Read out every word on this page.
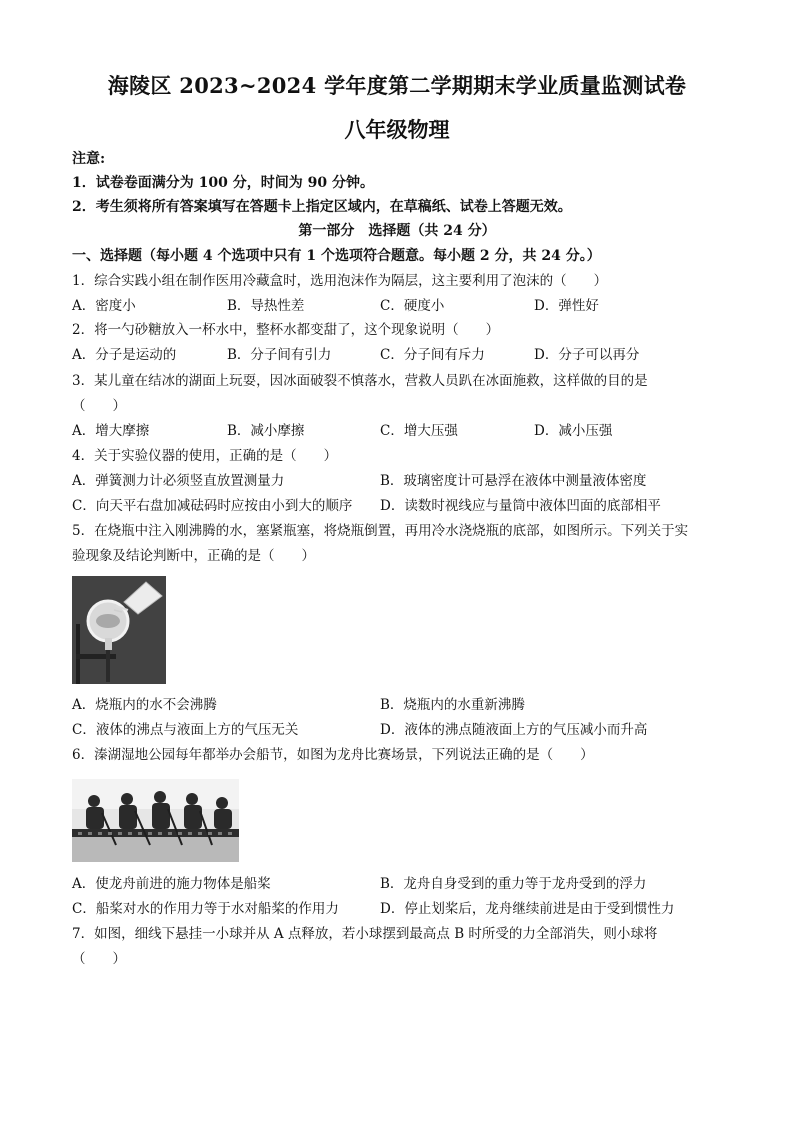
海陵区 2023~2024 学年度第二学期期末学业质量监测试卷
八年级物理
注意:
1．试卷卷面满分为 100 分，时间为 90 分钟。
2．考生须将所有答案填写在答题卡上指定区域内，在草稿纸、试卷上答题无效。
第一部分　选择题（共 24 分）
一、选择题（每小题 4 个选项中只有 1 个选项符合题意。每小题 2 分，共 24 分。）
1．综合实践小组在制作医用冷藏盒时，选用泡沫作为隔层，这主要利用了泡沫的（　　）
A．密度小	B．导热性差	C．硬度小	D．弹性好
2．将一勺砂糖放入一杯水中，整杯水都变甜了，这个现象说明（　　）
A．分子是运动的	B．分子间有引力	C．分子间有斥力	D．分子可以再分
3．某儿童在结冰的湖面上玩耍，因冰面破裂不慎落水，营救人员趴在冰面施救，这样做的目的是
（　　）
A．增大摩擦	B．减小摩擦	C．增大压强	D．减小压强
4．关于实验仪器的使用，正确的是（　　）
A．弹簧测力计必须竖直放置测量力	B．玻璃密度计可悬浮在液体中测量液体密度
C．向天平右盘加减砝码时应按由小到大的顺序 D．读数时视线应与量筒中液体凹面的底部相平
5．在烧瓶中注入刚沸腾的水，塞紧瓶塞，将烧瓶倒置，再用冷水浇烧瓶的底部，如图所示。下列关于实
验现象及结论判断中，正确的是（　　）
A．烧瓶内的水不会沸腾	B．烧瓶内的水重新沸腾
C．液体的沸点与液面上方的气压无关	D．液体的沸点随液面上方的气压减小而升高
6．溱湖湿地公园每年都举办会船节，如图为龙舟比赛场景，下列说法正确的是（　　）
A．使龙舟前进的施力物体是船桨	B．龙舟自身受到的重力等于龙舟受到的浮力
C．船桨对水的作用力等于水对船桨的作用力	D．停止划桨后，龙舟继续前进是由于受到惯性力
7．如图，细线下悬挂一小球并从 A 点释放，若小球摆到最高点 B 时所受的力全部消失，则小球将
（　　）
